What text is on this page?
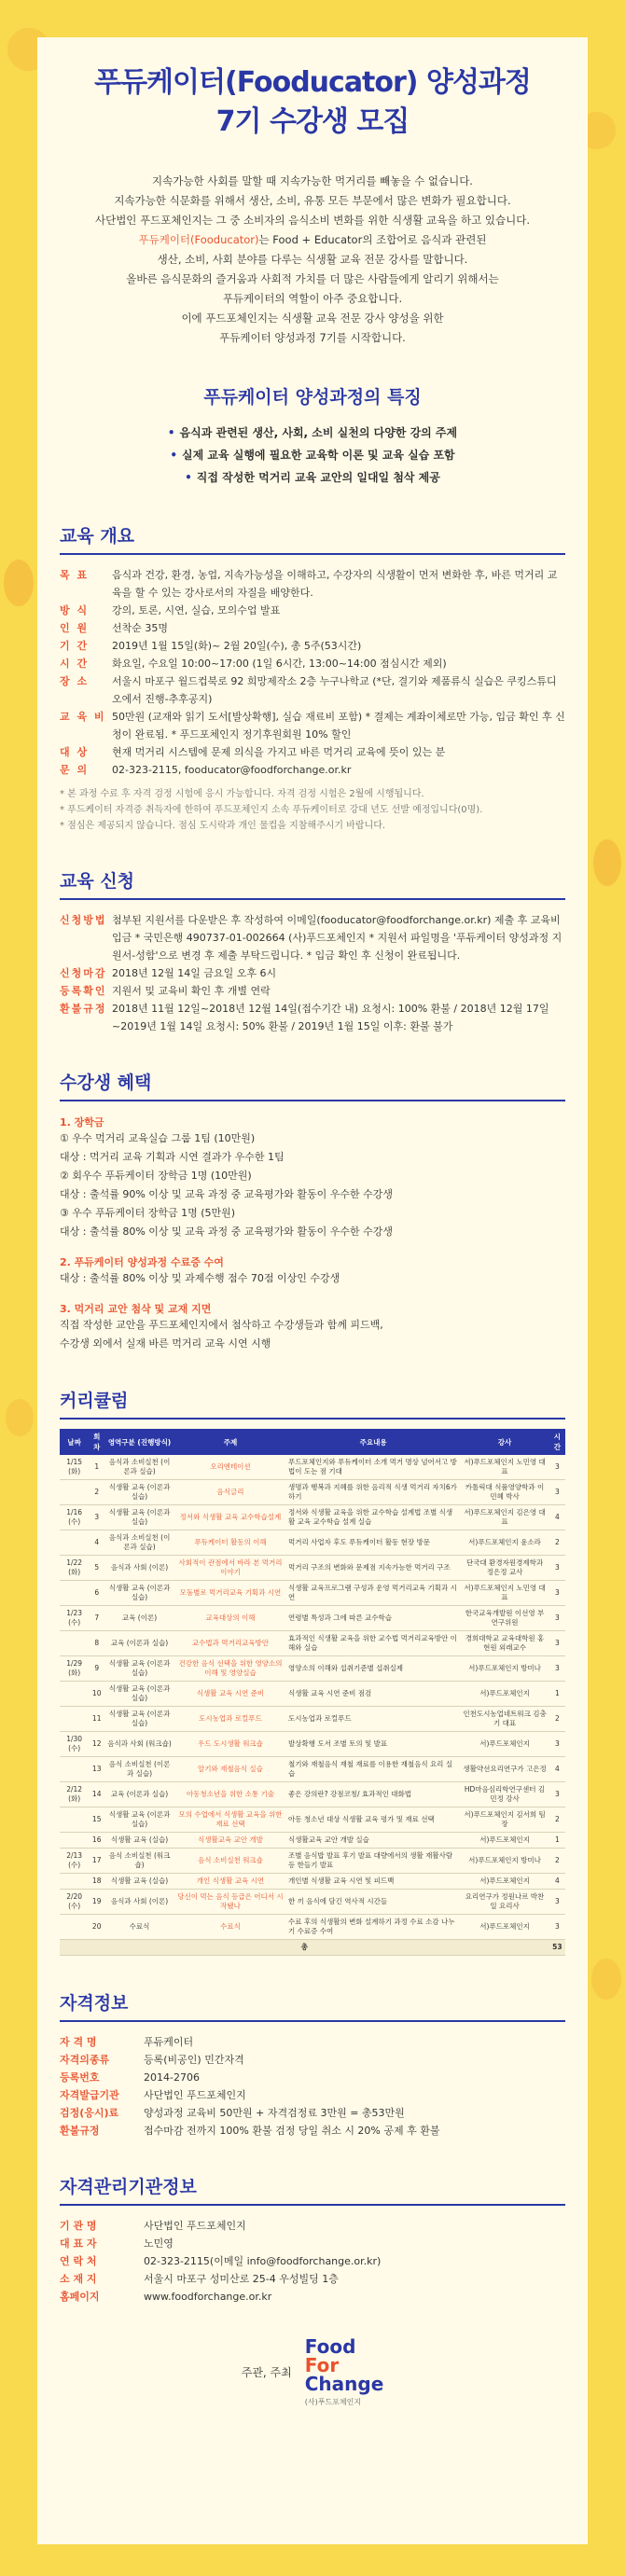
푸듀케이터(Fooducator) 양성과정
7기 수강생 모집
지속가능한 사회를 말할 때 지속가능한 먹거리를 빼놓을 수 없습니다.
지속가능한 식문화를 위해서 생산, 소비, 유통 모든 부문에서 많은 변화가 필요합니다.
사단법인 푸드포체인지는 그 중 소비자의 음식소비 변화를 위한 식생활 교육을 하고 있습니다.
푸듀케이터(Fooducator)는 Food + Educator의 조합어로 음식과 관련된
생산, 소비, 사회 분야를 다루는 식생활 교육 전문 강사를 말합니다.
올바른 음식문화의 즐거움과 사회적 가치를 더 많은 사람들에게 알리기 위해서는
푸듀케이터의 역할이 아주 중요합니다.
이에 푸드포체인지는 식생활 교육 전문 강사 양성을 위한
푸듀케이터 양성과정 7기를 시작합니다.
푸듀케이터 양성과정의 특징
• 음식과 관련된 생산, 사회, 소비 실천의 다양한 강의 주제
• 실제 교육 실행에 필요한 교육학 이론 및 교육 실습 포함
• 직접 작성한 먹거리 교육 교안의 일대일 첨삭 제공
교육 개요
목 표	음식과 건강, 환경, 농업, 지속가능성을 이해하고, 수강자의 식생활이 먼저 변화한 후, 바른 먹거리 교육을 할 수 있는 강사로서의 자질을 배양한다.
방 식	강의, 토론, 시연, 실습, 모의수업 발표
인 원	선착순 35명
기 간	2019년 1월 15일(화)~ 2월 20일(수), 총 5주(53시간)
시 간	화요일, 수요일 10:00~17:00 (1일 6시간, 13:00~14:00 점심시간 제외)
장 소	서울시 마포구 월드컵북로 92 희망제작소 2층 누구나학교 (*단, 결기와 제품류식 실습은 쿠킹스튜디오에서 진행-추후공지)
교 육 비 50만원 (교재와 읽기 도서[발상확행], 실습 재료비 포함) * 결제는 계좌이체로만 가능, 입금 확인 후 신청이 완료됨. * 푸드포체인지 정기후원회원 10% 할인
대 상	현재 먹거리 시스템에 문제 의식을 가지고 바른 먹거리 교육에 뜻이 있는 분
문 의	02-323-2115, fooducator@foodforchange.or.kr
* 본 과정 수료 후 자격 검정 시험에 응시 가능합니다. 자격 검정 시험은 2월에 시행됩니다.
* 푸드케이터 자격증 취득자에 한하여 푸드포체인지 소속 푸듀케이터로 강대 년도 선발 예정입니다(0명).
* 점심은 제공되지 않습니다. 점심 도시락과 개인 물컵을 지참해주시기 바랍니다.
교육 신청
신청방법 첨부된 지원서를 다운받은 후 작성하여 이메일(fooducator@foodforchange.or.kr) 제출 후 교육비 입금 * 국민은행 490737-01-002664 (사)푸드포체인지 * 지원서 파일명을 '푸듀케이터 양성과정 지원서-성함'으로 변경 후 제출 부탁드립니다. * 입금 확인 후 신청이 완료됩니다.
신청마감 2018년 12월 14일 금요일 오후 6시
등록확인 지원서 및 교육비 확인 후 개별 연락
환불규정 2018년 11월 12일~2018년 12월 14일(접수기간 내) 요청시: 100% 환불 / 2018년 12월 17일~2019년 1월 14일 요청시: 50% 환불 / 2019년 1월 15일 이후: 환불 불가
수강생 혜택
1. 장학금
① 우수 먹거리 교육실습 그룹 1팀 (10만원)
대상 : 먹거리 교육 기획과 시연 결과가 우수한 1팀
② 회우수 푸듀케이터 장학금 1명 (10만원)
대상 : 출석률 90% 이상 및 교육 과정 중 교육평가와 활동이 우수한 수강생
③ 우수 푸듀케이터 장학금 1명 (5만원)
대상 : 출석률 80% 이상 및 교육 과정 중 교육평가와 활동이 우수한 수강생
2. 푸듀케이터 양성과정 수료증 수여
대상 : 출석률 80% 이상 및 과제수행 점수 70점 이상인 수강생
3. 먹거리 교안 첨삭 및 교재 지면
직접 작성한 교안을 푸드포체인지에서 첨삭하고 수강생들과 함께 피드백,
수강생 외에서 실재 바른 먹거리 교육 시연 시행
커리큘럼
날짜	회차	영역구분 (진행방식)	주제	주요내용	강사	시간
1/15 (화)	1	음식과 소비실천 (이론과 실습)	오리엔테이션	푸드포체인지와 푸듀케이터 소개 먹거 명상 넘어서고 방법이 도는 점 기대	서)푸드포체인지 노민영 대표	3
	2	식생활 교육 (이론과 실습)	음식글리	생명과 행복과 지혜를 위한 음리적 식생 먹거리 자치6가 하기	카톨릭대 식품영양학과 이민혜 박사	3
1/16 (수)	3	식생활 교육 (이론과 실습)	정서와 식생활 교육 교수학습설계	정서와 식생활 교육을 위한 교수학습 설계법 조별 식생활 교육 교수학습 설계 실습	서)푸드포체인지 김은영 대표	4
	4	음식과 소비실천 (이론과 실습)	푸듀케이터 활동의 이해	먹거리 사업자 후도 푸듀케이터 활동 현장 방문	서)푸드포체인지 윤소라	2
1/22 (화)	5	음식과 사회 (이론)	사회적이 관점에서 바라 본 먹거리 이야기	먹거리 구조의 변화와 문제점 지속가능한 먹거리 구조	단국대 환경자원경제학과 정은정 교사	3
	6	식생활 교육 (이론과 실습)	모둠별로 먹거리교육 기획과 시연	식생활 교육프로그램 구성과 운영 먹거리교육 기획과 시연	서)푸드포체인지 노민영 대표	3
1/23 (수)	7	교육 (이론)	교육대상의 이해	연령별 특성과 그에 따른 교수학습	한국교육개발원 이선영 부연구위원	3
	8	교육 (이론과 실습)	교수법과 먹거리교육방안	효과적인 식생활 교육을 위한 교수법 먹거리교육방안 이해와 실습	경희대학교 교육대학원 홍현원 외래교수	3
1/29 (화)	9	식생활 교육 (이론과 실습)	건강한 음식 선택을 위한 영양소의 이해 및 영양실습	영양소의 이해와 섭취기준별 섭취실제	서)푸드포체인지 방미나	3
	10	식생활 교육 (이론과 실습)	식생활 교육 시연 준비	식생활 교육 시연 준비 점검	서)푸드포체인지	1
	11	식생활 교육 (이론과 실습)	도시농업과 로컬푸드	도시농업과 로컬푸드	인천도시농업네트워크 김충기 대표	2
1/30 (수)	12	음식과 사회 (워크숍)	우드 도시생활 워크숍	발상확행 도서 조별 토의 및 발표	서)푸드포체인지	3
	13	음식 소비실천 (이론과 실습)	알기와 재철음식 실습	철기와 재철음식 재철 재료를 이용한 재철음식 요리 실습	생활약선요리연구가 고은정	4
2/12 (화)	14	교육 (이론과 실습)	아동청소년을 위한 소통 기술	좋은 강의란? 강점코칭/ 효과적인 대화법	HD마음심리학연구센터 김민정 강사	3
	15	식생활 교육 (이론과 실습)	모의 수업에서 식생활 교육을 위한 재료 선택	아동 청소년 대상 식생활 교육 평가 및 재료 선택	서)푸드포체인지 김서희 팀장	2
	16	식생활 교육 (실습)	식생활교육 교안 개발	식생활교육 교안 개발 실습	서)푸드포체인지	1
2/13 (수)	17	음식 소비실천 (워크숍)	음식 소비실천 워크숍	조별 음식밥 발표 후기 발표 대량에서의 생활 재활사람 등 한들기 발표	서)푸드포체인지 방미나	2
	18	식생활 교육 (실습)	개인 식생활 교육 시연	개인별 식생활 교육 시연 및 피드백	서)푸드포체인지	4
2/20 (수)	19	음식과 사회 (이론)	당신이 먹는 음식 등급은 어디서 시작됐나	한 끼 음식에 담긴 역사적 시간들	요리연구가 정원나르 박찬일 요리사	3
	20	수료식	수료식	수료 후의 식생활의 변화 설계하기 과정 수료 소감 나누기 수료증 수여	서)푸드포체인지	3
총						53
자격정보
자 격 명	푸듀케이터
자격의종류	등록(비공인) 민간자격
등록번호	2014-2706
자격발급기관	사단법인 푸드포체인지
검정(응시)료	양성과정 교육비 50만원 + 자격검정료 3만원 = 총53만원
환불규정	접수마감 전까지 100% 환불 검정 당일 취소 시 20% 공제 후 환불
자격관리기관정보
기 관 명	사단법인 푸드포체인지
대 표 자	노민영
연 락 처	02-323-2115(이메일 info@foodforchange.or.kr)
소 재 지	서울시 마포구 성미산로 25-4 우성빌딩 1층
홈페이지	www.foodforchange.or.kr
주관, 주최
Food
For
Change
(사)푸드포체인지
